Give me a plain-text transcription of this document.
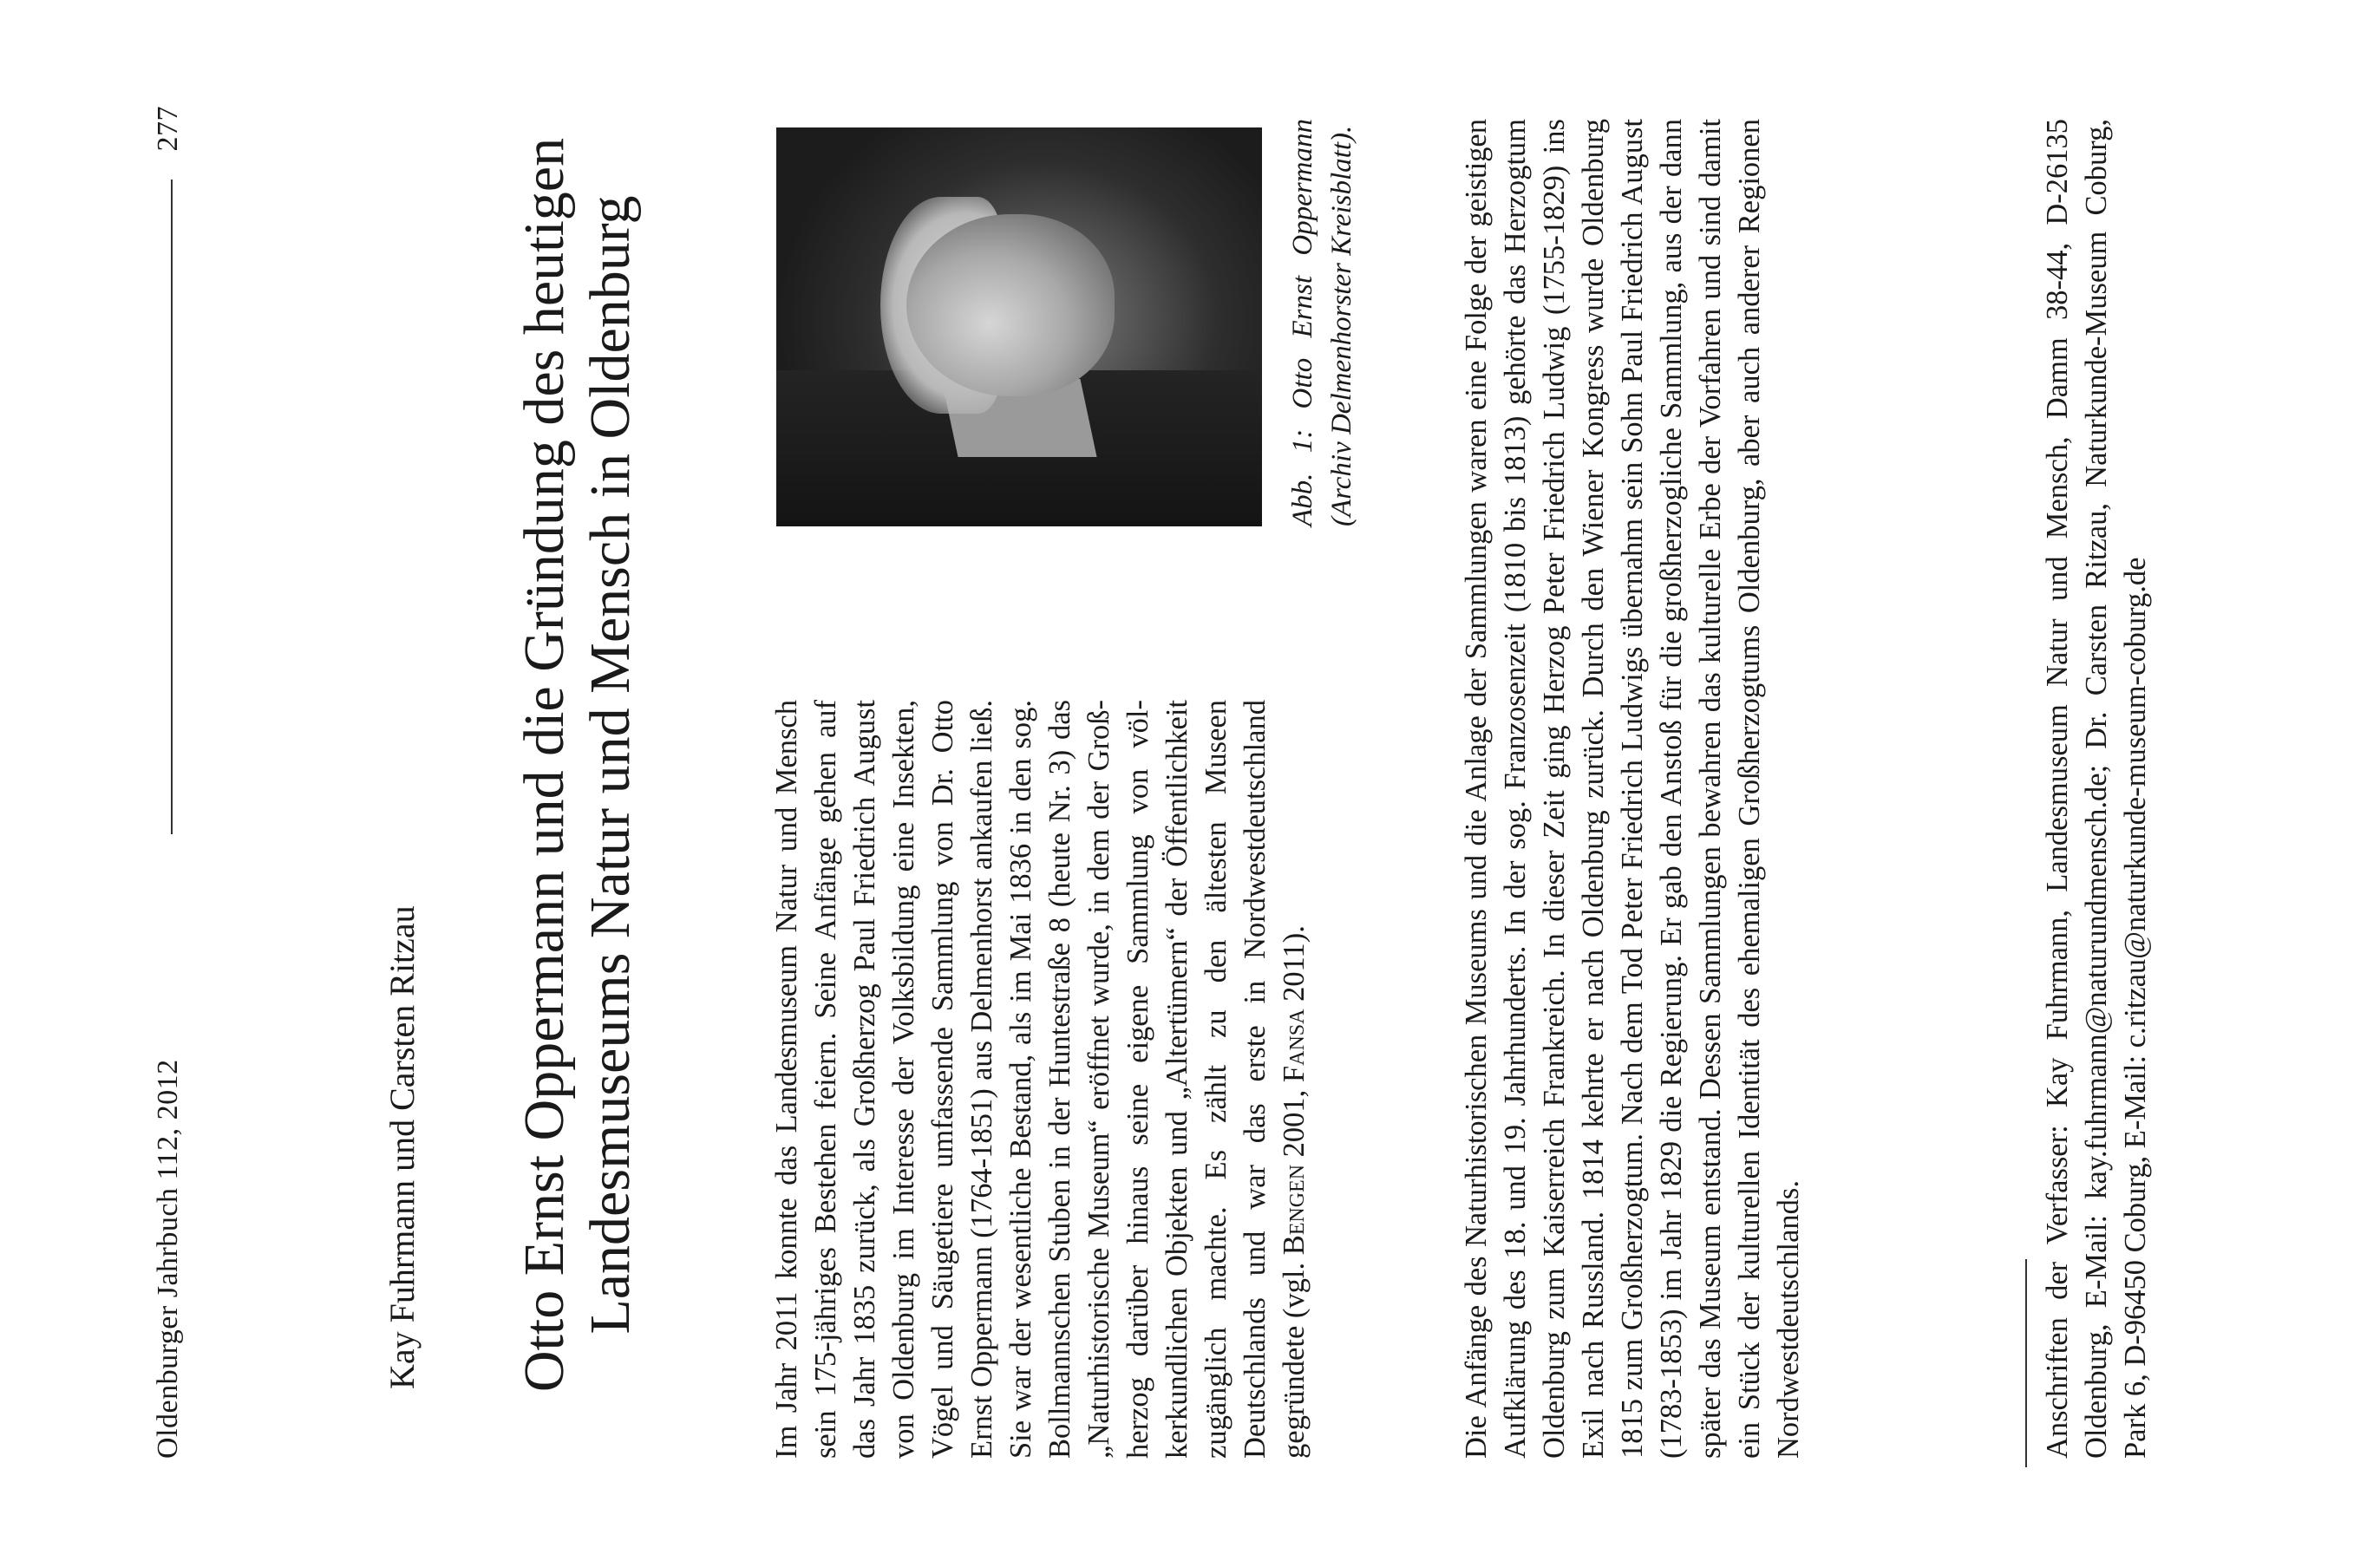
Oldenburger Jahrbuch 112, 2012
277
Kay Fuhrmann und Carsten Ritzau Otto Ernst Oppermann und die Gründung des heutigen Landesmuseums Natur und Mensch in Oldenburg	Im Jahr 2011 konnte das Landesmuseum Natur und Mensch sein 175-jähriges Bestehen feiern. Seine Anfänge gehen auf das Jahr 1835 zurück, als Großherzog Paul Friedrich August von Oldenburg im Interesse der Volksbildung eine Insekten, Vögel und Säugetiere umfassende Sammlung von Dr. Otto Ernst Oppermann (1764-1851) aus Delmenhorst ankaufen ließ. Sie war der wesentliche Bestand, als im Mai 1836 in den sog. Bollmannschen Stuben in der Huntestraße 8 (heute Nr. 3) das „Naturhistorische Museum“ eröffnet wurde, in dem der Großherzog darüber hinaus seine eigene Sammlung von völkerkundlichen Objekten und „Altertümern“ der Öffentlichkeit zugänglich machte. Es zählt zu den ältesten Museen Deutschlands und war das erste in Nordwestdeutschland gegründete (vgl. Bengen 2001, Fansa 2011).
Abb. 1: Otto Ernst Oppermann (Archiv Delmenhorster Kreisblatt).	Die Anfänge des Naturhistorischen Museums und die Anlage der Sammlungen waren eine Folge der geistigen Aufklärung des 18. und 19. Jahrhunderts. In der sog. Franzosenzeit (1810 bis 1813) gehörte das Herzogtum Oldenburg zum Kaiserreich Frankreich. In dieser Zeit ging Herzog Peter Friedrich Ludwig (1755-1829) ins Exil nach Russland. 1814 kehrte er nach Oldenburg zurück. Durch den Wiener Kongress wurde Oldenburg 1815 zum Großherzogtum. Nach dem Tod Peter Friedrich Ludwigs übernahm sein Sohn Paul Friedrich August (1783-1853) im Jahr 1829 die Regierung. Er gab den Anstoß für die großherzogliche Sammlung, aus der dann später das Museum entstand. Dessen Sammlungen bewahren das kulturelle Erbe der Vorfahren und sind damit ein Stück der kulturellen Identität des ehemaligen Großherzogtums Oldenburg, aber auch anderer Regionen Nordwestdeutschlands.	Anschriften der Verfasser: Kay Fuhrmann, Landesmuseum Natur und Mensch, Damm 38-44, D-26135 Oldenburg, E-Mail: kay.fuhrmann@naturundmensch.de; Dr. Carsten Ritzau, Naturkunde-Museum Coburg, Park 6, D-96450 Coburg, E-Mail: c.ritzau@naturkunde-museum-coburg.de
